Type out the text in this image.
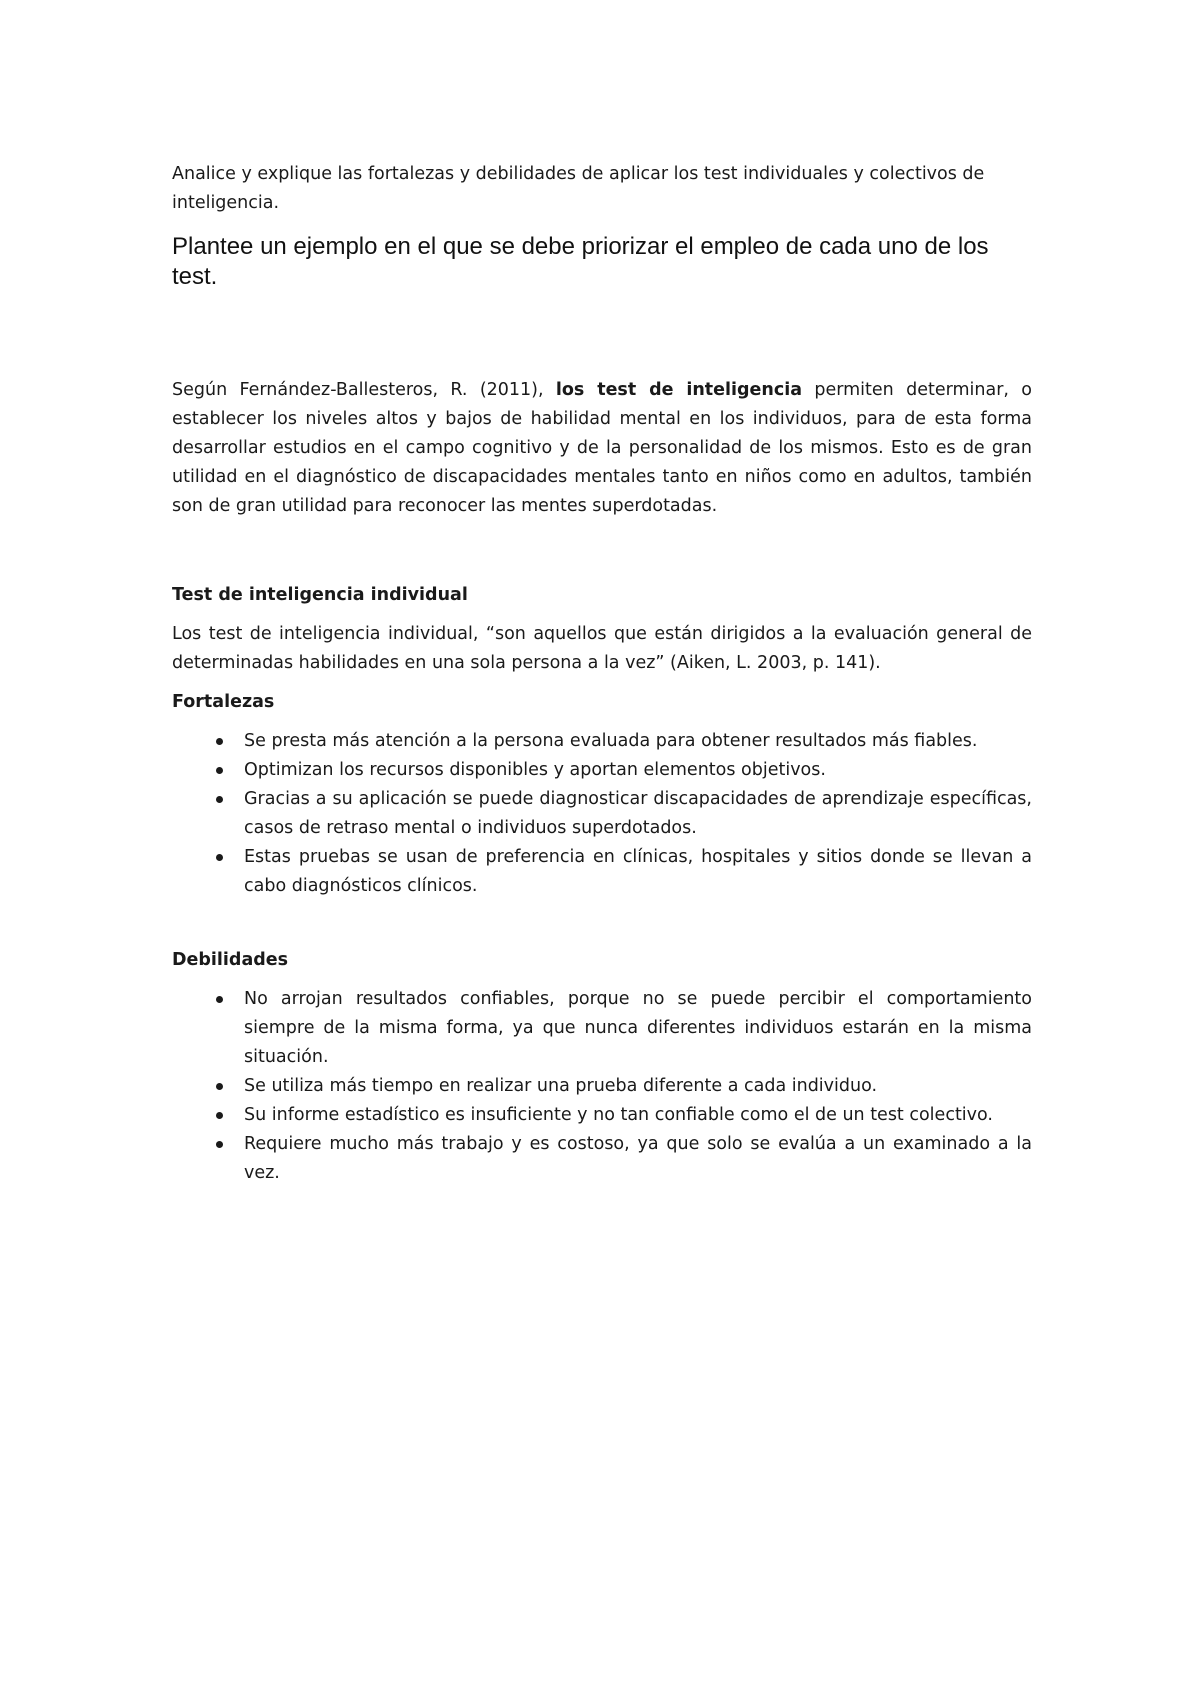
Analice y explique las fortalezas y debilidades de aplicar los test individuales y colectivos de inteligencia.

Plantee un ejemplo en el que se debe priorizar el empleo de cada uno de los test.

Según Fernández-Ballesteros, R. (2011), los test de inteligencia permiten determinar, o establecer los niveles altos y bajos de habilidad mental en los individuos, para de esta forma desarrollar estudios en el campo cognitivo y de la personalidad de los mismos. Esto es de gran utilidad en el diagnóstico de discapacidades mentales tanto en niños como en adultos, también son de gran utilidad para reconocer las mentes superdotadas.

Test de inteligencia individual

Los test de inteligencia individual, “son aquellos que están dirigidos a la evaluación general de determinadas habilidades en una sola persona a la vez” (Aiken, L. 2003, p. 141).

Fortalezas

Se presta más atención a la persona evaluada para obtener resultados más fiables.
Optimizan los recursos disponibles y aportan elementos objetivos.
Gracias a su aplicación se puede diagnosticar discapacidades de aprendizaje específicas, casos de retraso mental o individuos superdotados.
Estas pruebas se usan de preferencia en clínicas, hospitales y sitios donde se llevan a cabo diagnósticos clínicos.

Debilidades

No arrojan resultados confiables, porque no se puede percibir el comportamiento siempre de la misma forma, ya que nunca diferentes individuos estarán en la misma situación.
Se utiliza más tiempo en realizar una prueba diferente a cada individuo.
Su informe estadístico es insuficiente y no tan confiable como el de un test colectivo.
Requiere mucho más trabajo y es costoso, ya que solo se evalúa a un examinado a la vez.
